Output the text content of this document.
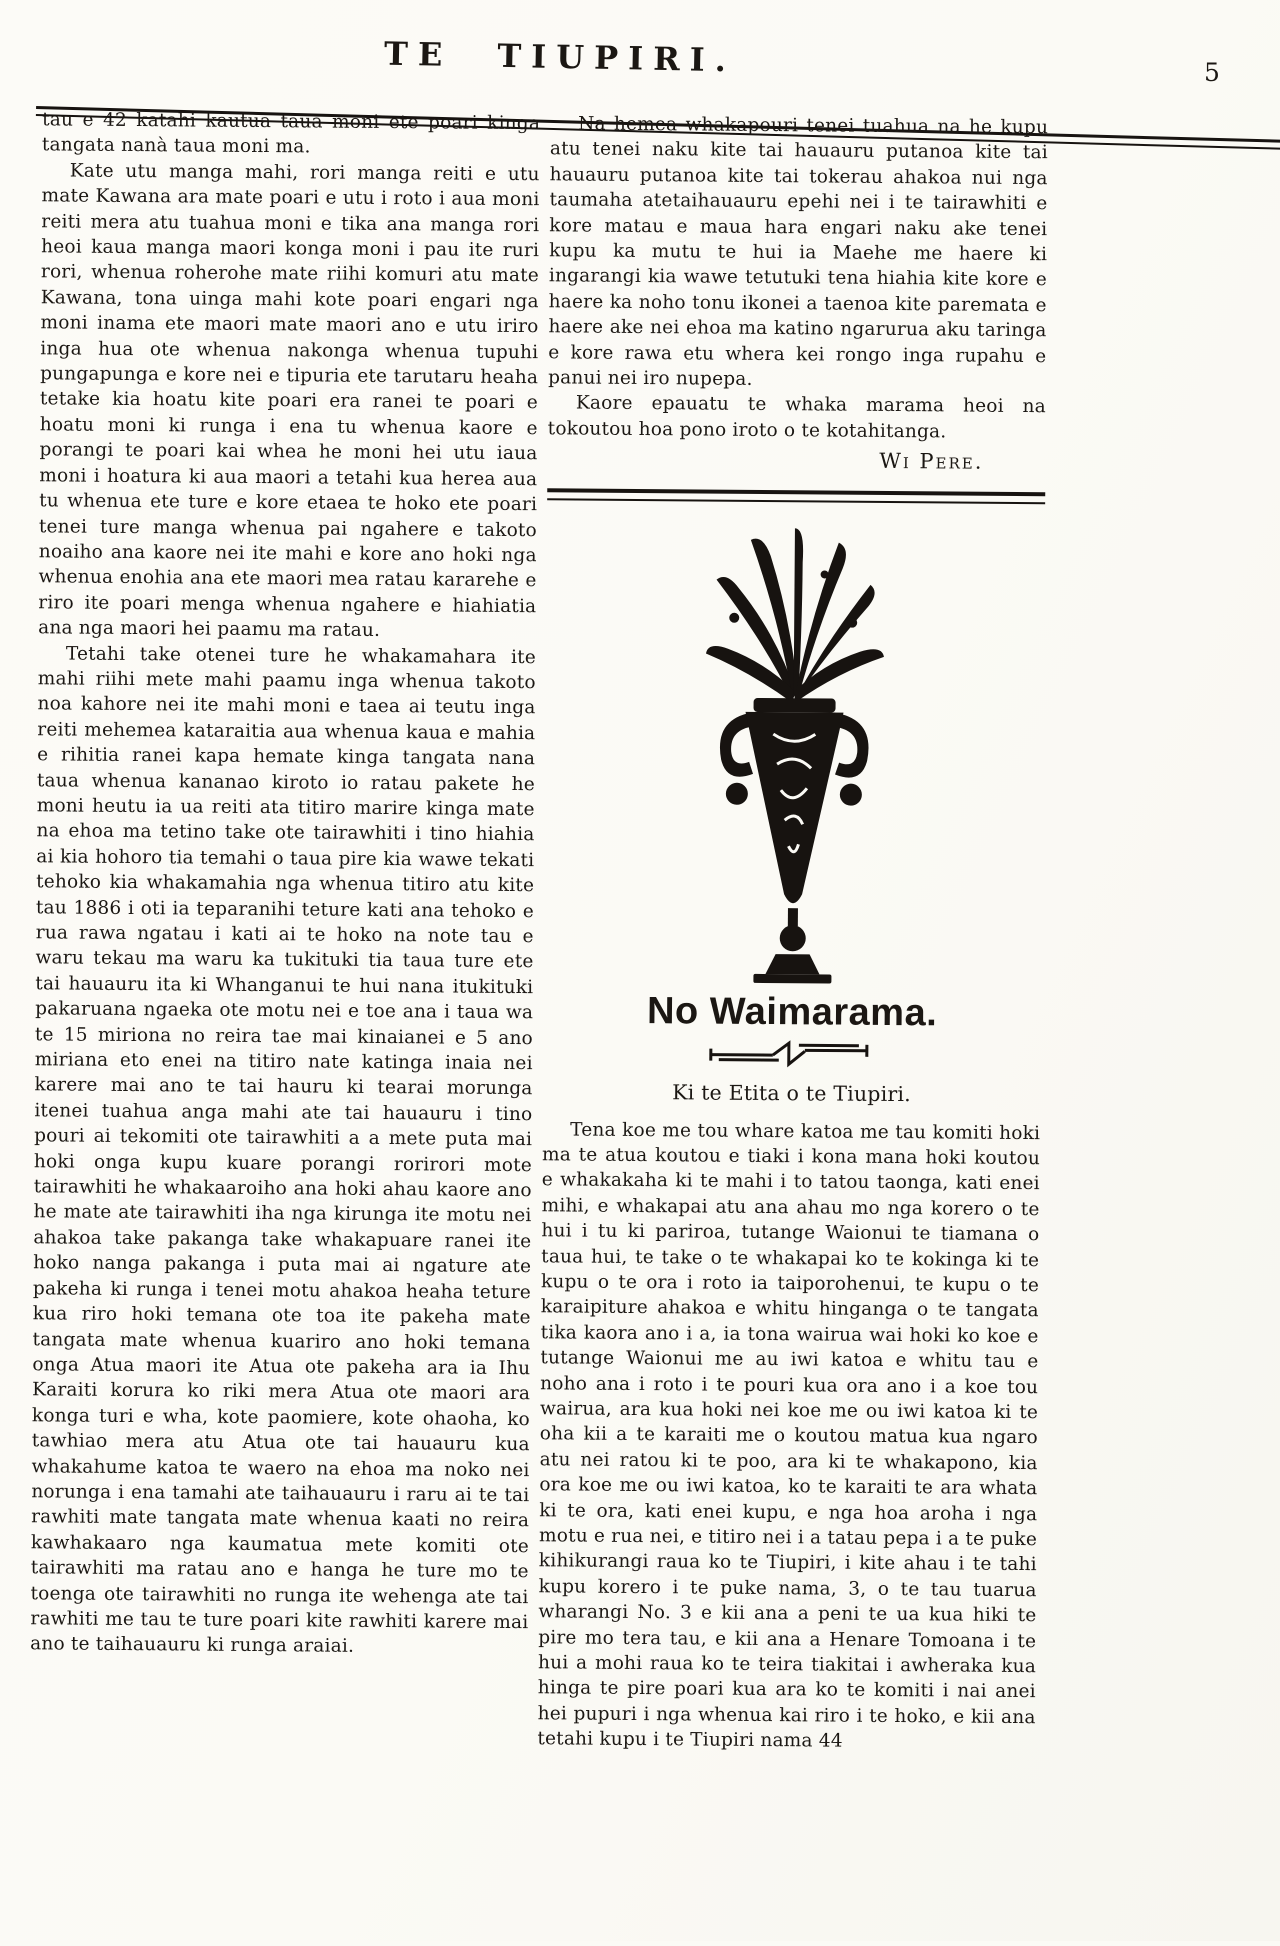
TE TIUPIRI.	5

tau e 42 katahi kautua taua moni ete poari kinga tangata nanà taua moni ma.

Kate utu manga mahi, rori manga reiti e utu mate Kawana ara mate poari e utu i roto i aua moni reiti mera atu tuahua moni e tika ana manga rori heoi kaua manga maori konga moni i pau ite ruri rori, whenua roherohe mate riihi komuri atu mate Kawana, tona uinga mahi kote poari engari nga moni inama ete maori mate maori ano e utu iriro inga hua ote whenua nakonga whenua tupuhi pungapunga e kore nei e tipuria ete tarutaru heaha tetake kia hoatu kite poari era ranei te poari e hoatu moni ki runga i ena tu whenua kaore e porangi te poari kai whea he moni hei utu iaua moni i hoatura ki aua maori a tetahi kua herea aua tu whenua ete ture e kore etaea te hoko ete poari tenei ture manga whenua pai ngahere e takoto noaiho ana kaore nei ite mahi e kore ano hoki nga whenua enohia ana ete maori mea ratau kararehe e riro ite poari menga whenua ngahere e hiahiatia ana nga maori hei paamu ma ratau.

Tetahi take otenei ture he whakamahara ite mahi riihi mete mahi paamu inga whenua takoto noa kahore nei ite mahi moni e taea ai teutu inga reiti mehemea kataraitia aua whenua kaua e mahia e rihitia ranei kapa hemate kinga tangata nana taua whenua kananao kiroto io ratau pakete he moni heutu ia ua reiti ata titiro marire kinga mate na ehoa ma tetino take ote tairawhiti i tino hiahia ai kia hohoro tia temahi o taua pire kia wawe tekati tehoko kia whakamahia nga whenua titiro atu kite tau 1886 i oti ia teparanihi teture kati ana tehoko e rua rawa ngatau i kati ai te hoko na note tau e waru tekau ma waru ka tukituki tia taua ture ete tai hauauru ita ki Whanganui te hui nana itukituki pakaruana ngaeka ote motu nei e toe ana i taua wa te 15 miriona no reira tae mai kinaianei e 5 ano miriana eto enei na titiro nate katinga inaia nei karere mai ano te tai hauru ki tearai morunga itenei tuahua anga mahi ate tai hauauru i tino pouri ai tekomiti ote tairawhiti a a mete puta mai hoki onga kupu kuare porangi rorirori mote tairawhiti he whakaaroiho ana hoki ahau kaore ano he mate ate tairawhiti iha nga kirunga ite motu nei ahakoa take pakanga take whakapuare ranei ite hoko nanga pakanga i puta mai ai ngature ate pakeha ki runga i tenei motu ahakoa heaha teture kua riro hoki temana ote toa ite pakeha mate tangata mate whenua kuariro ano hoki temana onga Atua maori ite Atua ote pakeha ara ia Ihu Karaiti korura ko riki mera Atua ote maori ara konga turi e wha, kote paomiere, kote ohaoha, ko tawhiao mera atu Atua ote tai hauauru kua whakahume katoa te waero na ehoa ma noko nei norunga i ena tamahi ate taihauauru i raru ai te tai rawhiti mate tangata mate whenua kaati no reira kawhakaaro nga kaumatua mete komiti ote tairawhiti ma ratau ano e hanga he ture mo te toenga ote tairawhiti no runga ite wehenga ate tai rawhiti me tau te ture poari kite rawhiti karere mai ano te taihauauru ki runga araiai.

Na hemea whakapouri tenei tuahua na he kupu atu tenei naku kite tai hauauru putanoa kite tai hauauru putanoa kite tai tokerau ahakoa nui nga taumaha atetaihauauru epehi nei i te tairawhiti e kore matau e maua hara engari naku ake tenei kupu ka mutu te hui ia Maehe me haere ki ingarangi kia wawe tetutuki tena hiahia kite kore e haere ka noho tonu ikonei a taenoa kite paremata e haere ake nei ehoa ma katino ngarurua aku taringa e kore rawa etu whera kei rongo inga rupahu e panui nei iro nupepa.

Kaore epauatu te whaka marama heoi na tokoutou hoa pono iroto o te kotahitanga.

Wi Pere.
No Waimarama.
Ki te Etita o te Tiupiri.

Tena koe me tou whare katoa me tau komiti hoki ma te atua koutou e tiaki i kona mana hoki koutou e whakakaha ki te mahi i to tatou taonga, kati enei mihi, e whakapai atu ana ahau mo nga korero o te hui i tu ki pariroa, tutange Waionui te tiamana o taua hui, te take o te whakapai ko te kokinga ki te kupu o te ora i roto ia taiporohenui, te kupu o te karaipiture ahakoa e whitu hinganga o te tangata tika kaora ano i a, ia tona wairua wai hoki ko koe e tutange Waionui me au iwi katoa e whitu tau e noho ana i roto i te pouri kua ora ano i a koe tou wairua, ara kua hoki nei koe me ou iwi katoa ki te oha kii a te karaiti me o koutou matua kua ngaro atu nei ratou ki te poo, ara ki te whakapono, kia ora koe me ou iwi katoa, ko te karaiti te ara whata ki te ora, kati enei kupu, e nga hoa aroha i nga motu e rua nei, e titiro nei i a tatau pepa i a te puke kihikurangi raua ko te Tiupiri, i kite ahau i te tahi kupu korero i te puke nama, 3, o te tau tuarua wharangi No. 3 e kii ana a peni te ua kua hiki te pire mo tera tau, e kii ana a Henare Tomoana i te hui a mohi raua ko te teira tiakitai i awheraka kua hinga te pire poari kua ara ko te komiti i nai anei hei pupuri i nga whenua kai riro i te hoko, e kii ana tetahi kupu i te Tiupiri nama 44
